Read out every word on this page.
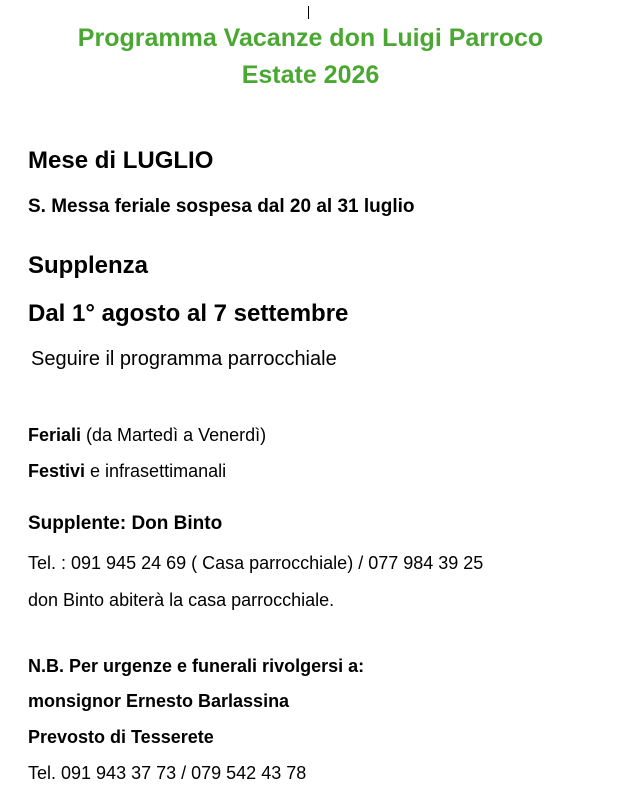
Programma Vacanze don Luigi Parroco
Estate 2026
Mese di LUGLIO
S. Messa feriale sospesa dal 20 al 31 luglio
Supplenza
Dal 1° agosto al 7 settembre
Seguire il programma parrocchiale
Feriali (da Martedì a Venerdì)
Festivi e infrasettimanali
Supplente: Don Binto
Tel. : 091 945 24 69 ( Casa parrocchiale) / 077 984 39 25
don Binto abiterà la casa parrocchiale.
N.B. Per urgenze e funerali rivolgersi a:
monsignor Ernesto Barlassina
Prevosto di Tesserete
Tel. 091 943 37 73 / 079 542 43 78
